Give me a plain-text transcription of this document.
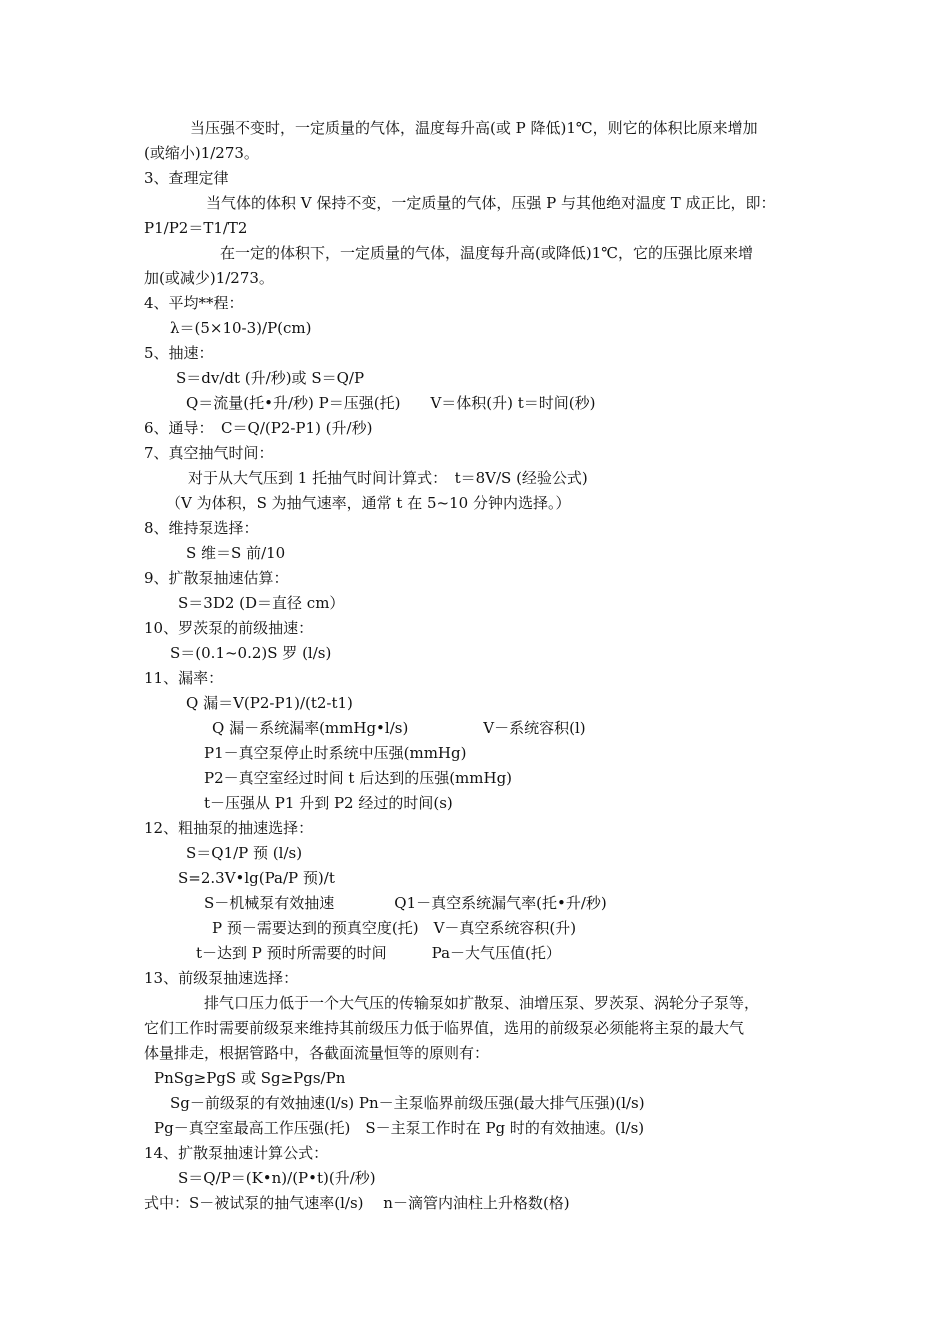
当压强不变时，一定质量的气体，温度每升高(或 P 降低)1℃，则它的体积比原来增加
(或缩小)1/273。
3、查理定律
当气体的体积 V 保持不变，一定质量的气体，压强 P 与其他绝对温度 T 成正比，即：
P1/P2＝T1/T2
在一定的体积下，一定质量的气体，温度每升高(或降低)1℃，它的压强比原来增
加(或减少)1/273。
4、平均**程：
λ＝(5×10-3)/P(cm)
5、抽速：
S＝dv/dt (升/秒)或 S＝Q/P
Q＝流量(托•升/秒) P＝压强(托)　　V＝体积(升) t＝时间(秒)
6、通导：　C＝Q/(P2-P1) (升/秒)
7、真空抽气时间：
对于从大气压到 1 托抽气时间计算式：　t＝8V/S (经验公式)
（V 为体积，S 为抽气速率，通常 t 在 5~10 分钟内选择。）
8、维持泵选择：
S 维＝S 前/10
9、扩散泵抽速估算：
S＝3D2 (D＝直径 cm）
10、罗茨泵的前级抽速：
S＝(0.1~0.2)S 罗 (l/s)
11、漏率：
Q 漏＝V(P2-P1)/(t2-t1)
Q 漏－系统漏率(mmHg•l/s)　　　　　V－系统容积(l)
P1－真空泵停止时系统中压强(mmHg)
P2－真空室经过时间 t 后达到的压强(mmHg)
t－压强从 P1 升到 P2 经过的时间(s)
12、粗抽泵的抽速选择：
S＝Q1/P 预 (l/s)
S=2.3V•lg(Pa/P 预)/t
S－机械泵有效抽速　　　　Q1－真空系统漏气率(托•升/秒)
P 预－需要达到的预真空度(托)　V－真空系统容积(升)
t－达到 P 预时所需要的时间　　　Pa－大气压值(托）
13、前级泵抽速选择：
排气口压力低于一个大气压的传输泵如扩散泵、油增压泵、罗茨泵、涡轮分子泵等，
它们工作时需要前级泵来维持其前级压力低于临界值，选用的前级泵必须能将主泵的最大气
体量排走，根据管路中，各截面流量恒等的原则有：
PnSg≥PgS 或 Sg≥Pgs/Pn
Sg－前级泵的有效抽速(l/s) Pn－主泵临界前级压强(最大排气压强)(l/s)
Pg－真空室最高工作压强(托)　S－主泵工作时在 Pg 时的有效抽速。(l/s)
14、扩散泵抽速计算公式：
S＝Q/P＝(K•n)/(P•t)(升/秒)
式中：S－被试泵的抽气速率(l/s)　 n－滴管内油柱上升格数(格)
